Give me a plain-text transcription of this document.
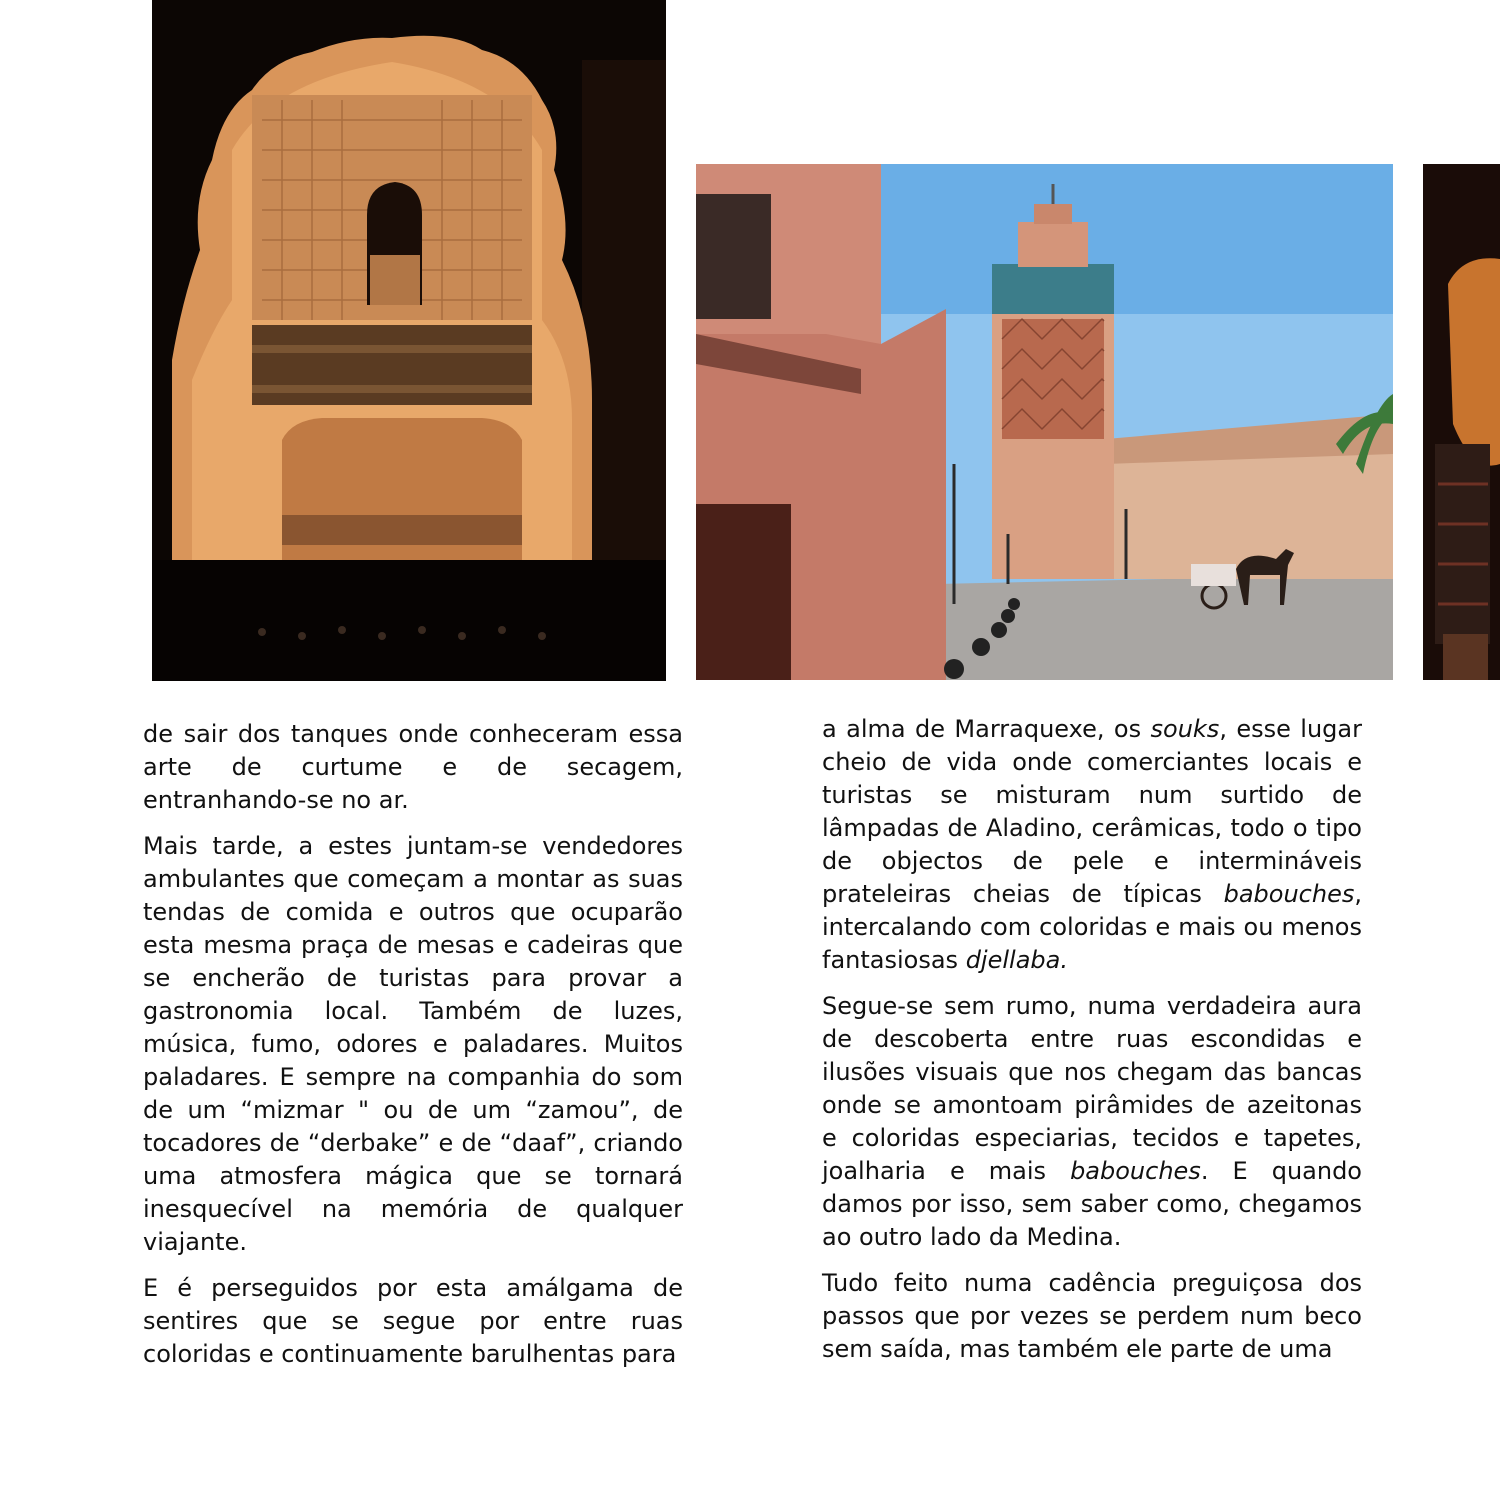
de sair dos tanques onde conheceram essa arte de curtume e de secagem, entranhando-se no ar.

Mais tarde, a estes juntam-se vendedores ambulantes que começam a montar as suas tendas de comida e outros que ocuparão esta mesma praça de mesas e cadeiras que se encherão de turistas para provar a gastronomia local. Também de luzes, música, fumo, odores e paladares. Muitos paladares. E sempre na companhia do som de um “mizmar " ou de um “zamou”, de tocadores de “derbake” e de “daaf”, criando uma atmosfera mágica que se tornará inesquecível na memória de qualquer viajante.

E é perseguidos por esta amálgama de sentires que se segue por entre ruas coloridas e continuamente barulhentas para

a alma de Marraquexe, os souks, esse lugar cheio de vida onde comerciantes locais e turistas se misturam num surtido de lâmpadas de Aladino, cerâmicas, todo o tipo de objectos de pele e intermináveis prateleiras cheias de típicas babouches, intercalando com coloridas e mais ou menos fantasiosas djellaba.

Segue-se sem rumo, numa verdadeira aura de descoberta entre ruas escondidas e ilusões visuais que nos chegam das bancas onde se amontoam pirâmides de azeitonas e coloridas especiarias, tecidos e tapetes, joalharia e mais babouches. E quando damos por isso, sem saber como, chegamos ao outro lado da Medina.

Tudo feito numa cadência preguiçosa dos passos que por vezes se perdem num beco sem saída, mas também ele parte de uma
